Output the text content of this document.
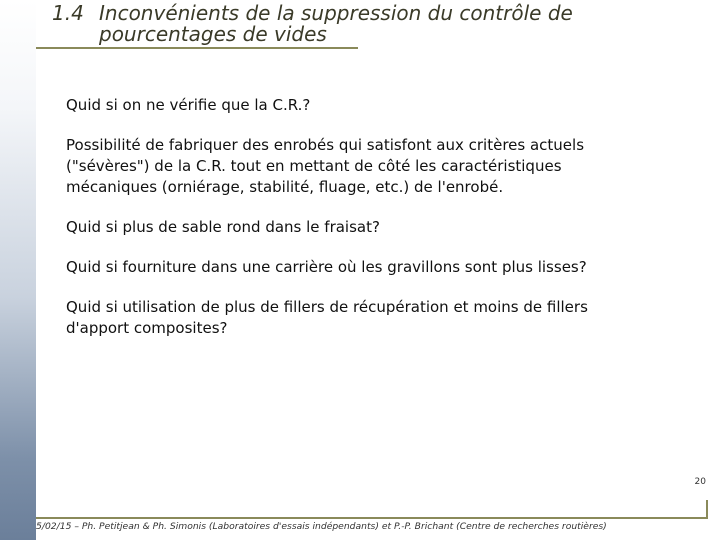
1.4 Inconvénients de la suppression du contrôle de
pourcentages de vides

Quid si on ne vérifie que la C.R.?

Possibilité de fabriquer des enrobés qui satisfont aux critères actuels ("sévères") de la C.R. tout en mettant de côté les caractéristiques mécaniques (orniérage, stabilité, fluage, etc.) de l'enrobé.

Quid si plus de sable rond dans le fraisat?

Quid si fourniture dans une carrière où les gravillons sont plus lisses?

Quid si utilisation de plus de fillers de récupération et moins de fillers d'apport composites?

20
5/02/15 – Ph. Petitjean & Ph. Simonis (Laboratoires d'essais indépendants) et P.-P. Brichant (Centre de recherches routières)
